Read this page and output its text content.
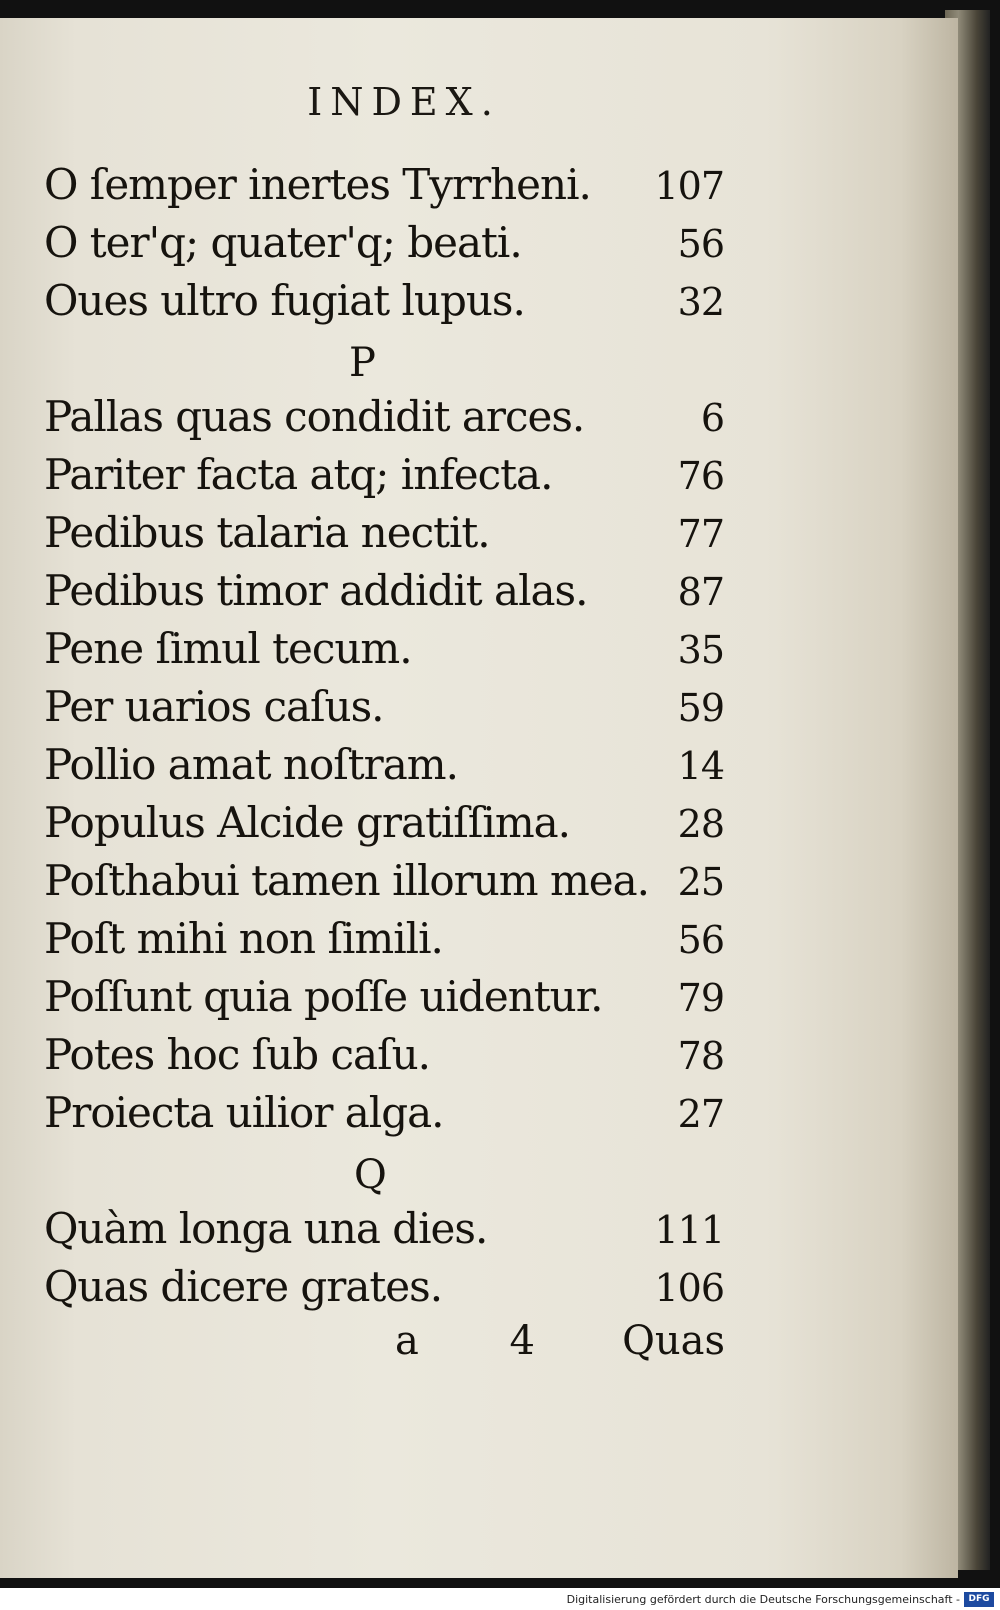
INDEX.
O ſemper inertes Tyrrheni. 107
O ter'q; quater'q; beati.	56
Oues ultro fugiat lupus.	32
P
Pallas quas condidit arces.	6
Pariter facta atq; infecta.	76
Pedibus talaria nectit.	77
Pedibus timor addidit alas.	87
Pene ſimul tecum.	35
Per uarios caſus.	59
Pollio amat noſtram.	14
Populus Alcide gratiſſima.	28
Poſthabui tamen illorum mea. 25
Poſt mihi non ſimili.	56
Poſſunt quia poſſe uidentur.	79
Potes hoc ſub caſu.	78
Proiecta uilior alga.	27
Q
Quàm longa una dies.	111
Quas dicere grates.	106
a 4 Quas
Digitalisierung gefördert durch die Deutsche Forschungsgemeinschaft - DFG
